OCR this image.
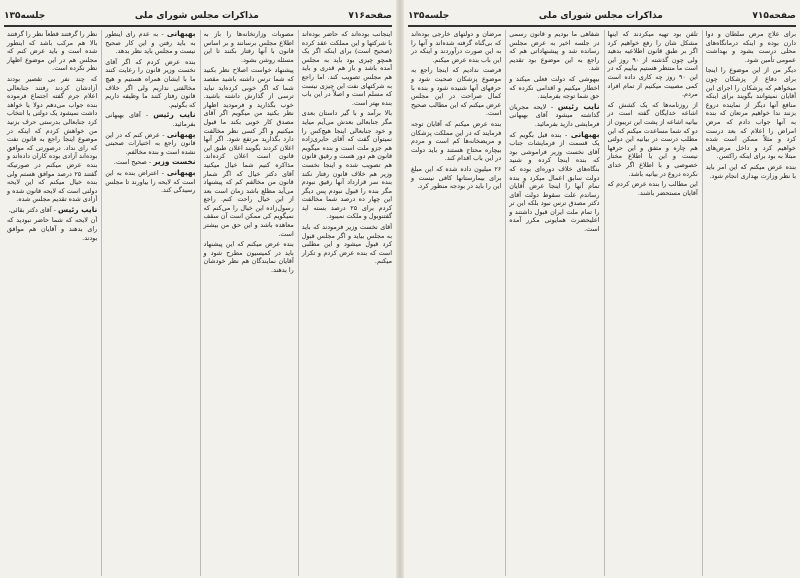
صفحه۷۱۶
مذاکرات مجلس شورای ملی
جلسه۱۳۵

اینجانب بوده‌اند که حاضر بوده‌اند با شرکتها و این مملکت عقد کرده (صحیح است) برای اینکه اگر یک همچو چیزی بود باید به مجلس آمده باشد و باز هم قدری و باید هم مجلس تصویب کند. اما راجع به شرکتهای نفت این چیزی نیست که مسلم است و اصلاً در این باب بنده بهتر است.

بالا برآمد و با گیر داستان بعدی مگر جنابعالی بعدش می‌آیم میاید و خود جنابعالی اینجا هیچ‌کس را نمیتوان گفت که آقای حایری‌زاده هم جزو ملت است و بنده میگویم قانون هم دور هست و رقیق قانون هم تصویب شده و اینجا نخست وزیر هم خلاف قانون رفتار نکند بنده سر قرارداد آنها رقیق نبودم مگر بنده را قبول نبودم پس دیگر این چهار ده درصد شما مخالفت کردم برای ۲۵ درصد بسته اید گفتنوبول و ملکت نمیبود.

آقای نخست وزیر فرمودند که باید به مجلس بیاید و اگر مجلس قبول کرد قبول میشود و این مطلبی است که بنده عرض کردم و تکرار میکنم.

مصوبات وزارتخانه‌ها را باز به اطلاع مجلس برسانند و بر اساس قانون با آنها رفتار بکنند تا این مسئله روشن بشود.

پیشنهاد خواست اصلاح نظر بکنید که شما ترس داشته باشید مقصد شما که اگر خوبی کرده‌اید نباید ترسی از گذارش داشته باشید. خوب بگذارید و فرمودید اظهار نظر بکنید من میگویم اگر آقای مصدق کار خوبی بکند ما قبول میکنیم و اگر کسی نظر مخالفت دارد بگذارید مرتفع شود. اگر آنها اعلان کردند بگویند اعلان طبق این قانون است اعلان کرده‌اند. مذاکره کنیم شما خیال میکنید آقای دکتر خیال که اگر شمار قانون من مخالفم کم که پیشنهاد می‌آید مطلع باشد زمان است بعد از این خیال راحت کنم. راجع رسول‌زاده این خیال را می‌کنم که نمیگویم کی ممکن است آن سقف معاهده باشد و این حق من بیشتر است.

بنده عرض میکنم که این پیشنهاد باید در کمیسیون مطرح شود و آقایان نمایندگان هم نظر خودشان را بدهند.

بهبهانی - به عدم رای اینطور به باید رفتن و این کار صحیح نیست و مجلس باید نظر بدهد.

بنده عرض کردم که اگر آقای نخست وزیر قانون را رعایت کنند ما با ایشان همراه هستیم و هیچ مخالفتی نداریم ولی اگر خلاف قانون رفتار کنند ما وظیفه داریم که بگوئیم.

نایب رئیس - آقای بهبهانی بفرمائید.

بهبهانی - عرض کنم که در این قانون راجع به اختیارات صحبتی نشده است و بنده مخالفم.

نخست وزیر - صحیح است.

بهبهانی - اعتراض بنده به این است که لایحه را بیاورند تا مجلس رسیدگی کند.

نظر را گرفتند قطعاً نظر را گرفتند بالا هم مرکب باشد که اینطور شده است و باید عرض کنم که مجلس هم در این موضوع اظهار نظر نکرده است.

که چند نفر بی تقصیر بودند آزادشان کردند رفتند جنابعالی اعلام جرم گفته اجتماع فرموده بنده جواب می‌دهم دولا یا خواهد داشت نمیشود یک دولتی یا انتخاب کرد جنابعالی بدرستی حرف بزنید من خواهش کردم که اینکه در موضوع اینجا راجع به قانون نفت که رای نداد. درصورتی که موافق بوده‌اند آزادی بوده کاران داده‌اند و بنده عرض میکنم در صورتیکه گفتند ۲۵ درصد موافق هستم ولی بنده خیال میکنم که این لایحه دولتی است که لایحه قانون شده و آزادی شده تقدیم مجلس شده.

نایب رئیس - آقای دکتر بقائی.

آن لایحه که شما حاضر نبودید که رای بدهند و آقایان هم موافق بودند.

صفحه۷۱۵
مذاکرات مجلس شورای ملی
جلسه۱۳۵

برای علاج مرض سلطان و دوا دارن بوده و اینکه درمانگاه‌های محلی درست بشود و بهداشت عمومی تأمین شود.

دیگر من از این موضوع را اینجا برای دفاع از پزشکان چون میخواهم که پزشکان را اجرای این آقایان نمیتوانند بگویند برای اینکه منافع آنها دیگر از نماینده دروغ بزنند ندا خواهیم مرتعان که بنده به آنها جواب دادم که مرض امراض را اعلام که بعد درست کرد و مثلاً ممکن است شده خواهیم کرد و داخل مرض‌های مبتلا به بود برای اینکه راکسن.

بنده عرض میکنم که این امر باید با نظر وزارت بهداری انجام شود.

تلفن بود تهیه میکردند که اینها مشکل شان را رفع خواهیم کرد اگر بر طبق قانون اطلاعیه بدهید ولی چون گذشته از ۹۰ روز این است ما منتظر هستیم بیاییم که در این ۹۰ روز چه کاری داده است کمی مصیبت میکنیم از تمام افراد مردم.

از روزنامه‌ها که یک کشش که اشاعه خدایگان گفته است در بیانیه اشاعه از پشت این تریبون از دو که شما مساعدت میکنم که این مطلب درست در بیانیه این دولتی هم چاره و متفق و این حرفها نیست و این با اطلاع مختار خصوصی و با اطلاع اگر خدای نکرده دروغ در بیانیه باشد.

این مطالب را بنده عرض کردم که آقایان مستحضر باشند.

شفاهی ما بودیم و قانون رسمی در جلسه اخیر به عرض مجلس رسانده شد و پیشنهاداتی هم که راجع به این موضوع بود تقدیم شد.

بیهوشی که دولت فعلی میکند و اخطار میکنیم و اقدامی نکرده که حق شما توجه بفرمایند.

نایب رئیس - لایحه مجریان گذاشته میشود آقای بهبهانی فرمایشی دارید بفرمائید.

بهبهانی - بنده قبل بگویم که یک قسمت از فرمایشات جناب آقای نخست وزیر فراموشی بود که بنده اینجا کرده و شنید بنگاه‌های خلاف دوره‌ای بوده که دولت سابق اعمال میکرد و بنده تمام آنها را اینجا عرض آقایان رساندم علت سقوط دولت آقای دکتر مصدق ترس نبود بلکه این تر را تمام ملت ایران قبول داشتند و اعلیحضرت همایونی مکرر آمده است.

مرضان و دولتهای خارجی بوده‌اند که بی‌گناه گرفته شده‌اند و آنها را به این صورت درآوردند و اینکه در این باب بنده عرض میکنم.

فرصت ندادیم که اینجا راجع به موضوع پزشکان صحبت شود و حرفهای آنها شنیده شود و بنده با کمال صراحت در این مجلس عرض میکنم که این مطالب صحیح است.

بنده عرض میکنم که آقایان توجه فرمایند که در این مملکت پزشکان و مریضخانه‌ها کم است و مردم بیچاره محتاج هستند و باید دولت در این باب اقدام کند.

۲۶ میلیون داده شده که این مبلغ برای بیمارستانها کافی نیست و این را باید در بودجه منظور کرد.
